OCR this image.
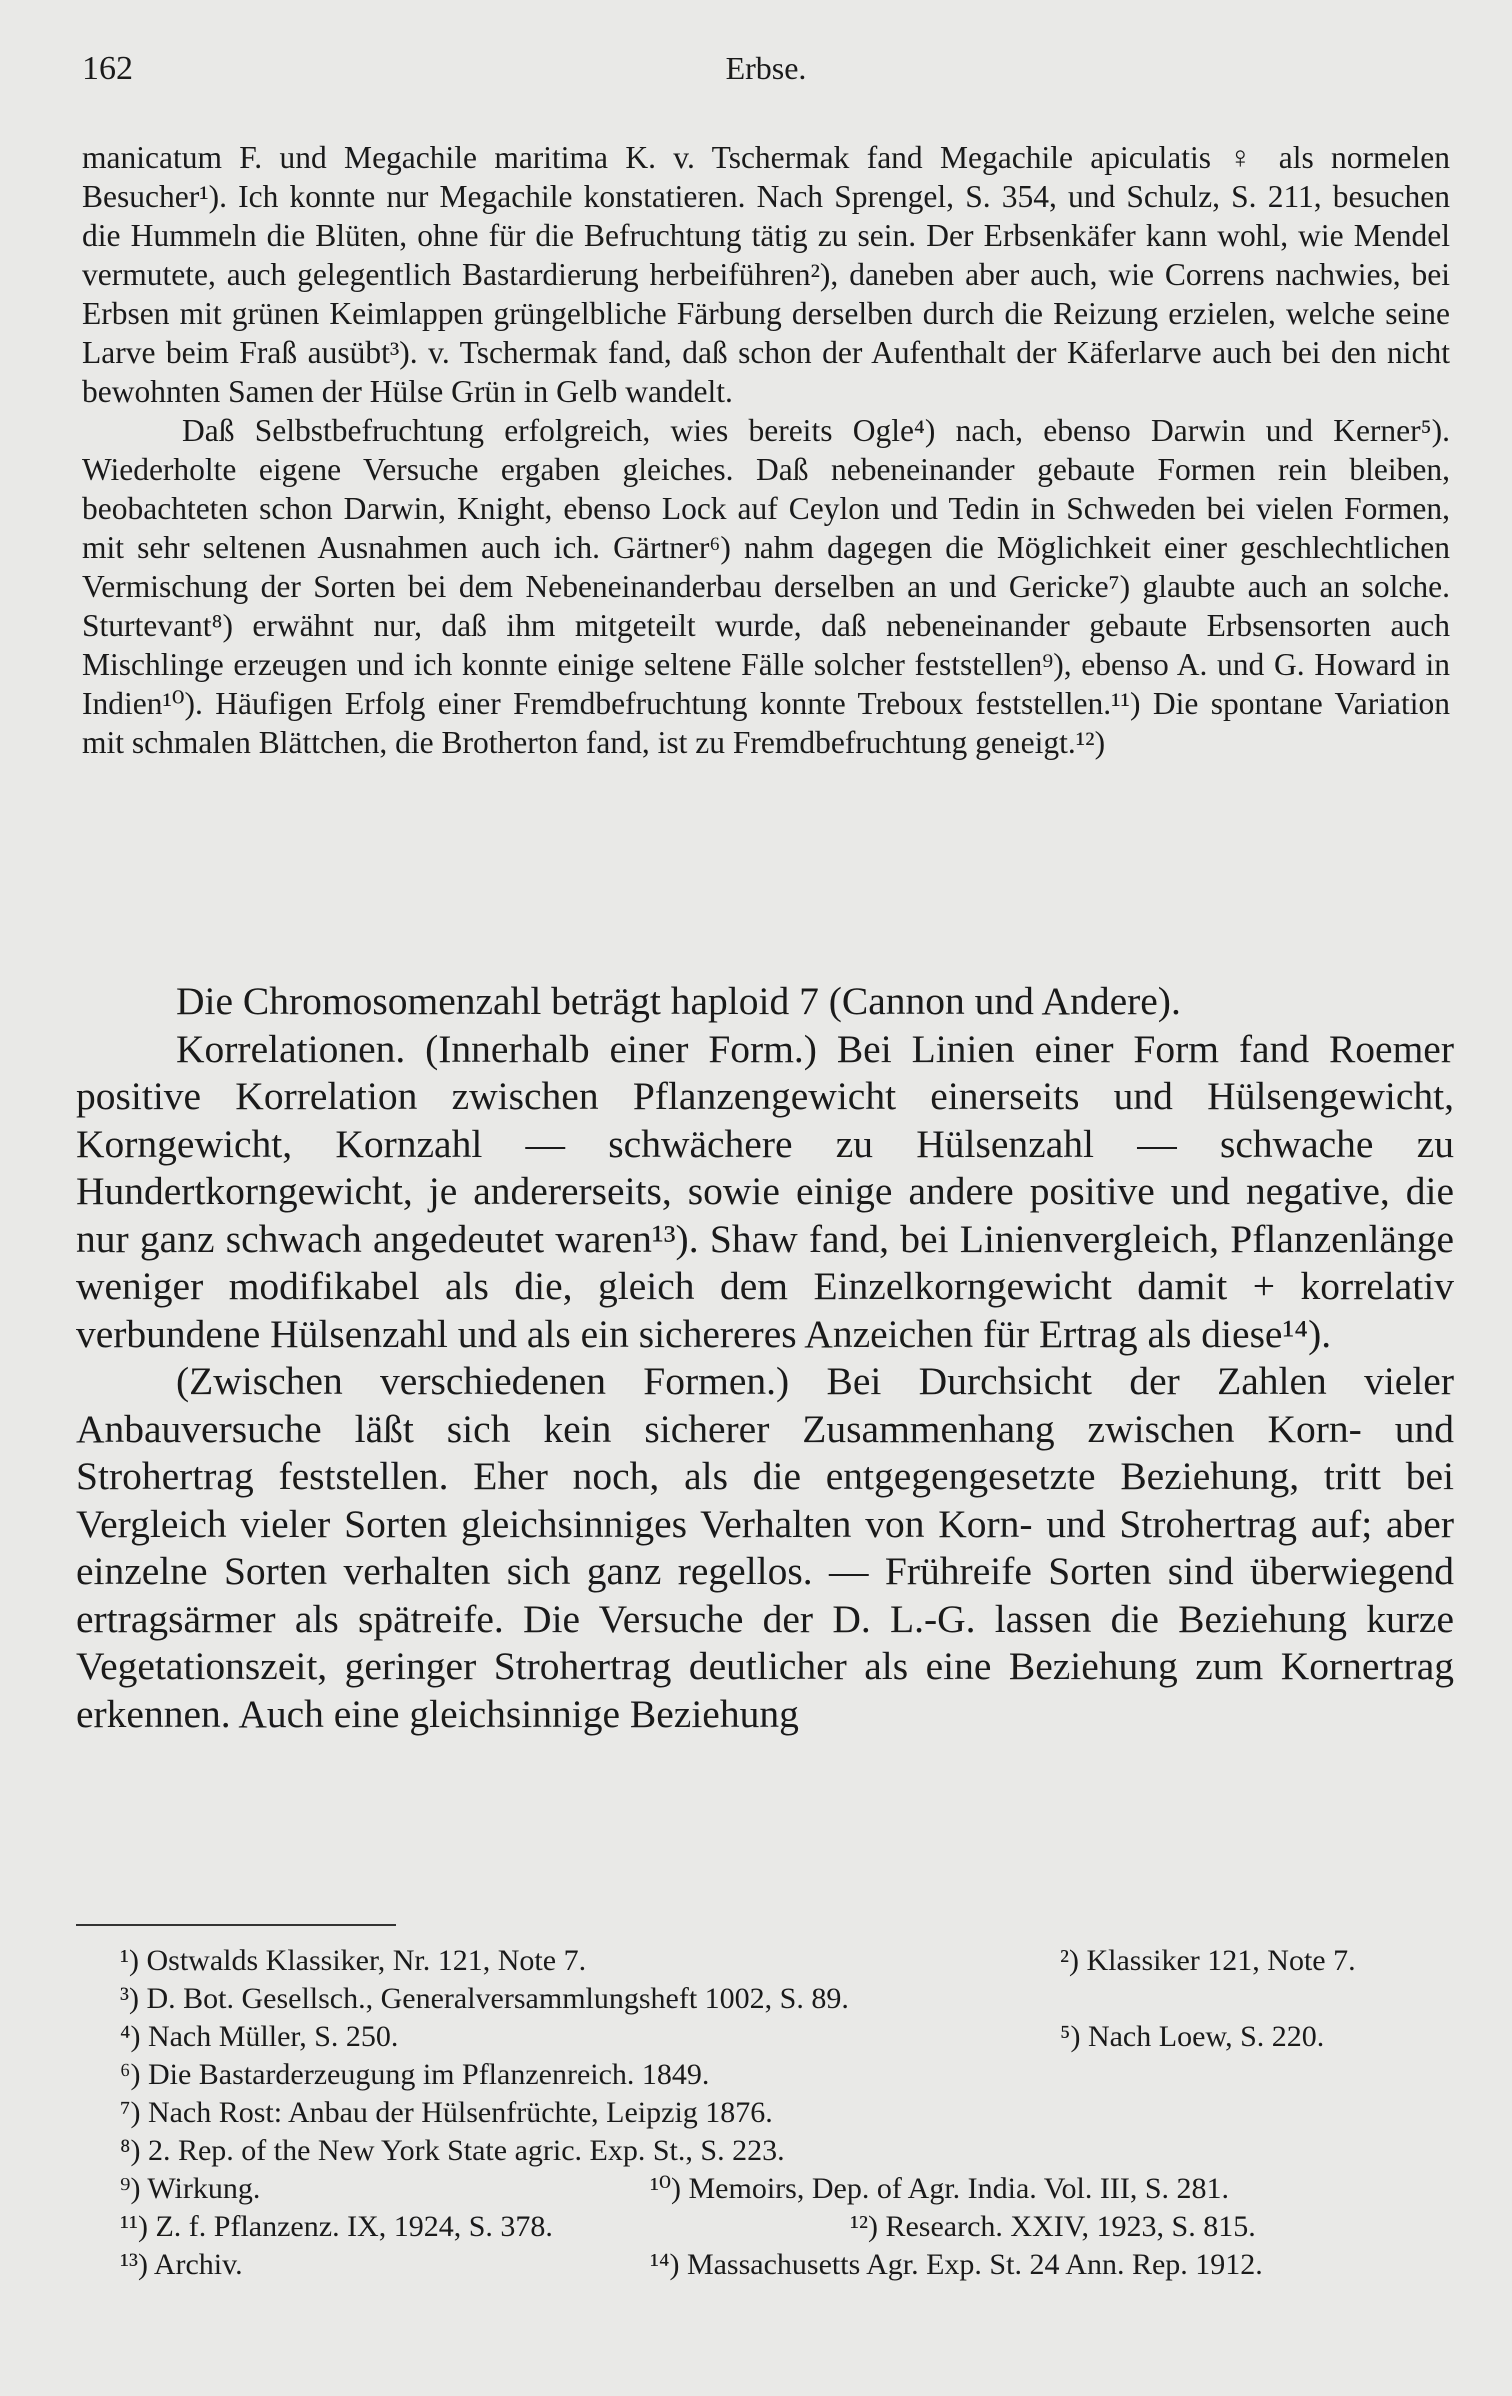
162	Erbse.

manicatum F. und Megachile maritima K. v. Tschermak fand Megachile apiculatis ♀ als normelen Besucher¹). Ich konnte nur Megachile konstatieren. Nach Sprengel, S. 354, und Schulz, S. 211, besuchen die Hummeln die Blüten, ohne für die Befruchtung tätig zu sein. Der Erbsenkäfer kann wohl, wie Mendel vermutete, auch gelegentlich Bastardierung herbeiführen²), daneben aber auch, wie Correns nachwies, bei Erbsen mit grünen Keimlappen grüngelbliche Färbung derselben durch die Reizung erzielen, welche seine Larve beim Fraß ausübt³). v. Tschermak fand, daß schon der Aufenthalt der Käferlarve auch bei den nicht bewohnten Samen der Hülse Grün in Gelb wandelt.

Daß Selbstbefruchtung erfolgreich, wies bereits Ogle⁴) nach, ebenso Darwin und Kerner⁵). Wiederholte eigene Versuche ergaben gleiches. Daß nebeneinander gebaute Formen rein bleiben, beobachteten schon Darwin, Knight, ebenso Lock auf Ceylon und Tedin in Schweden bei vielen Formen, mit sehr seltenen Ausnahmen auch ich. Gärtner⁶) nahm dagegen die Möglichkeit einer geschlechtlichen Vermischung der Sorten bei dem Nebeneinanderbau derselben an und Gericke⁷) glaubte auch an solche. Sturtevant⁸) erwähnt nur, daß ihm mitgeteilt wurde, daß nebeneinander gebaute Erbsensorten auch Mischlinge erzeugen und ich konnte einige seltene Fälle solcher feststellen⁹), ebenso A. und G. Howard in Indien¹⁰). Häufigen Erfolg einer Fremdbefruchtung konnte Treboux feststellen.¹¹) Die spontane Variation mit schmalen Blättchen, die Brotherton fand, ist zu Fremdbefruchtung geneigt.¹²)

Die Chromosomenzahl beträgt haploid 7 (Cannon und Andere).

Korrelationen. (Innerhalb einer Form.) Bei Linien einer Form fand Roemer positive Korrelation zwischen Pflanzengewicht einerseits und Hülsengewicht, Korngewicht, Kornzahl — schwächere zu Hülsenzahl — schwache zu Hundertkorngewicht, je andererseits, sowie einige andere positive und negative, die nur ganz schwach angedeutet waren¹³). Shaw fand, bei Linienvergleich, Pflanzenlänge weniger modifikabel als die, gleich dem Einzelkorngewicht damit + korrelativ verbundene Hülsenzahl und als ein sichereres Anzeichen für Ertrag als diese¹⁴).

(Zwischen verschiedenen Formen.) Bei Durchsicht der Zahlen vieler Anbauversuche läßt sich kein sicherer Zusammenhang zwischen Korn- und Strohertrag feststellen. Eher noch, als die entgegengesetzte Beziehung, tritt bei Vergleich vieler Sorten gleichsinniges Verhalten von Korn- und Strohertrag auf; aber einzelne Sorten verhalten sich ganz regellos. — Frühreife Sorten sind überwiegend ertragsärmer als spätreife. Die Versuche der D. L.-G. lassen die Beziehung kurze Vegetationszeit, geringer Strohertrag deutlicher als eine Beziehung zum Kornertrag erkennen. Auch eine gleichsinnige Beziehung

¹) Ostwalds Klassiker, Nr. 121, Note 7.	²) Klassiker 121, Note 7.
³) D. Bot. Gesellsch., Generalversammlungsheft 1002, S. 89.
⁴) Nach Müller, S. 250.	⁵) Nach Loew, S. 220.
⁶) Die Bastarderzeugung im Pflanzenreich. 1849.
⁷) Nach Rost: Anbau der Hülsenfrüchte, Leipzig 1876.
⁸) 2. Rep. of the New York State agric. Exp. St., S. 223.
⁹) Wirkung.	¹⁰) Memoirs, Dep. of Agr. India. Vol. III, S. 281.
¹¹) Z. f. Pflanzenz. IX, 1924, S. 378.	¹²) Research. XXIV, 1923, S. 815.
¹³) Archiv.	¹⁴) Massachusetts Agr. Exp. St. 24 Ann. Rep. 1912.
